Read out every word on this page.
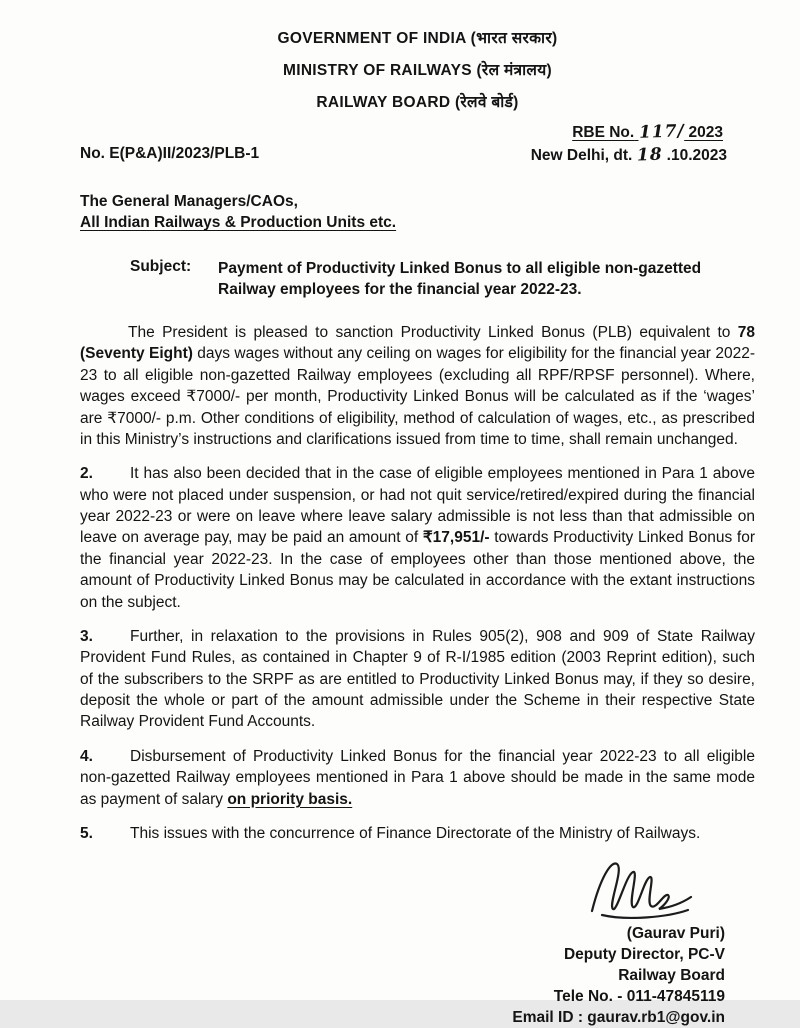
GOVERNMENT OF INDIA (भारत सरकार)
MINISTRY OF RAILWAYS (रेल मंत्रालय)
RAILWAY BOARD (रेलवे बोर्ड)
RBE No. 117/ 2023
No. E(P&A)II/2023/PLB-1	New Delhi, dt. 18 .10.2023
The General Managers/CAOs,
All Indian Railways & Production Units etc.
Subject:	Payment of Productivity Linked Bonus to all eligible non-gazetted Railway employees for the financial year 2022-23.
The President is pleased to sanction Productivity Linked Bonus (PLB) equivalent to 78 (Seventy Eight) days wages without any ceiling on wages for eligibility for the financial year 2022-23 to all eligible non-gazetted Railway employees (excluding all RPF/RPSF personnel). Where, wages exceed ₹7000/- per month, Productivity Linked Bonus will be calculated as if the ‘wages’ are ₹7000/- p.m. Other conditions of eligibility, method of calculation of wages, etc., as prescribed in this Ministry’s instructions and clarifications issued from time to time, shall remain unchanged.
2. It has also been decided that in the case of eligible employees mentioned in Para 1 above who were not placed under suspension, or had not quit service/retired/expired during the financial year 2022-23 or were on leave where leave salary admissible is not less than that admissible on leave on average pay, may be paid an amount of ₹17,951/- towards Productivity Linked Bonus for the financial year 2022-23. In the case of employees other than those mentioned above, the amount of Productivity Linked Bonus may be calculated in accordance with the extant instructions on the subject.
3. Further, in relaxation to the provisions in Rules 905(2), 908 and 909 of State Railway Provident Fund Rules, as contained in Chapter 9 of R-I/1985 edition (2003 Reprint edition), such of the subscribers to the SRPF as are entitled to Productivity Linked Bonus may, if they so desire, deposit the whole or part of the amount admissible under the Scheme in their respective State Railway Provident Fund Accounts.
4. Disbursement of Productivity Linked Bonus for the financial year 2022-23 to all eligible non-gazetted Railway employees mentioned in Para 1 above should be made in the same mode as payment of salary on priority basis.
5. This issues with the concurrence of Finance Directorate of the Ministry of Railways.
(Gaurav Puri)
Deputy Director, PC-V
Railway Board
Tele No. - 011-47845119
Email ID : gaurav.rb1@gov.in
